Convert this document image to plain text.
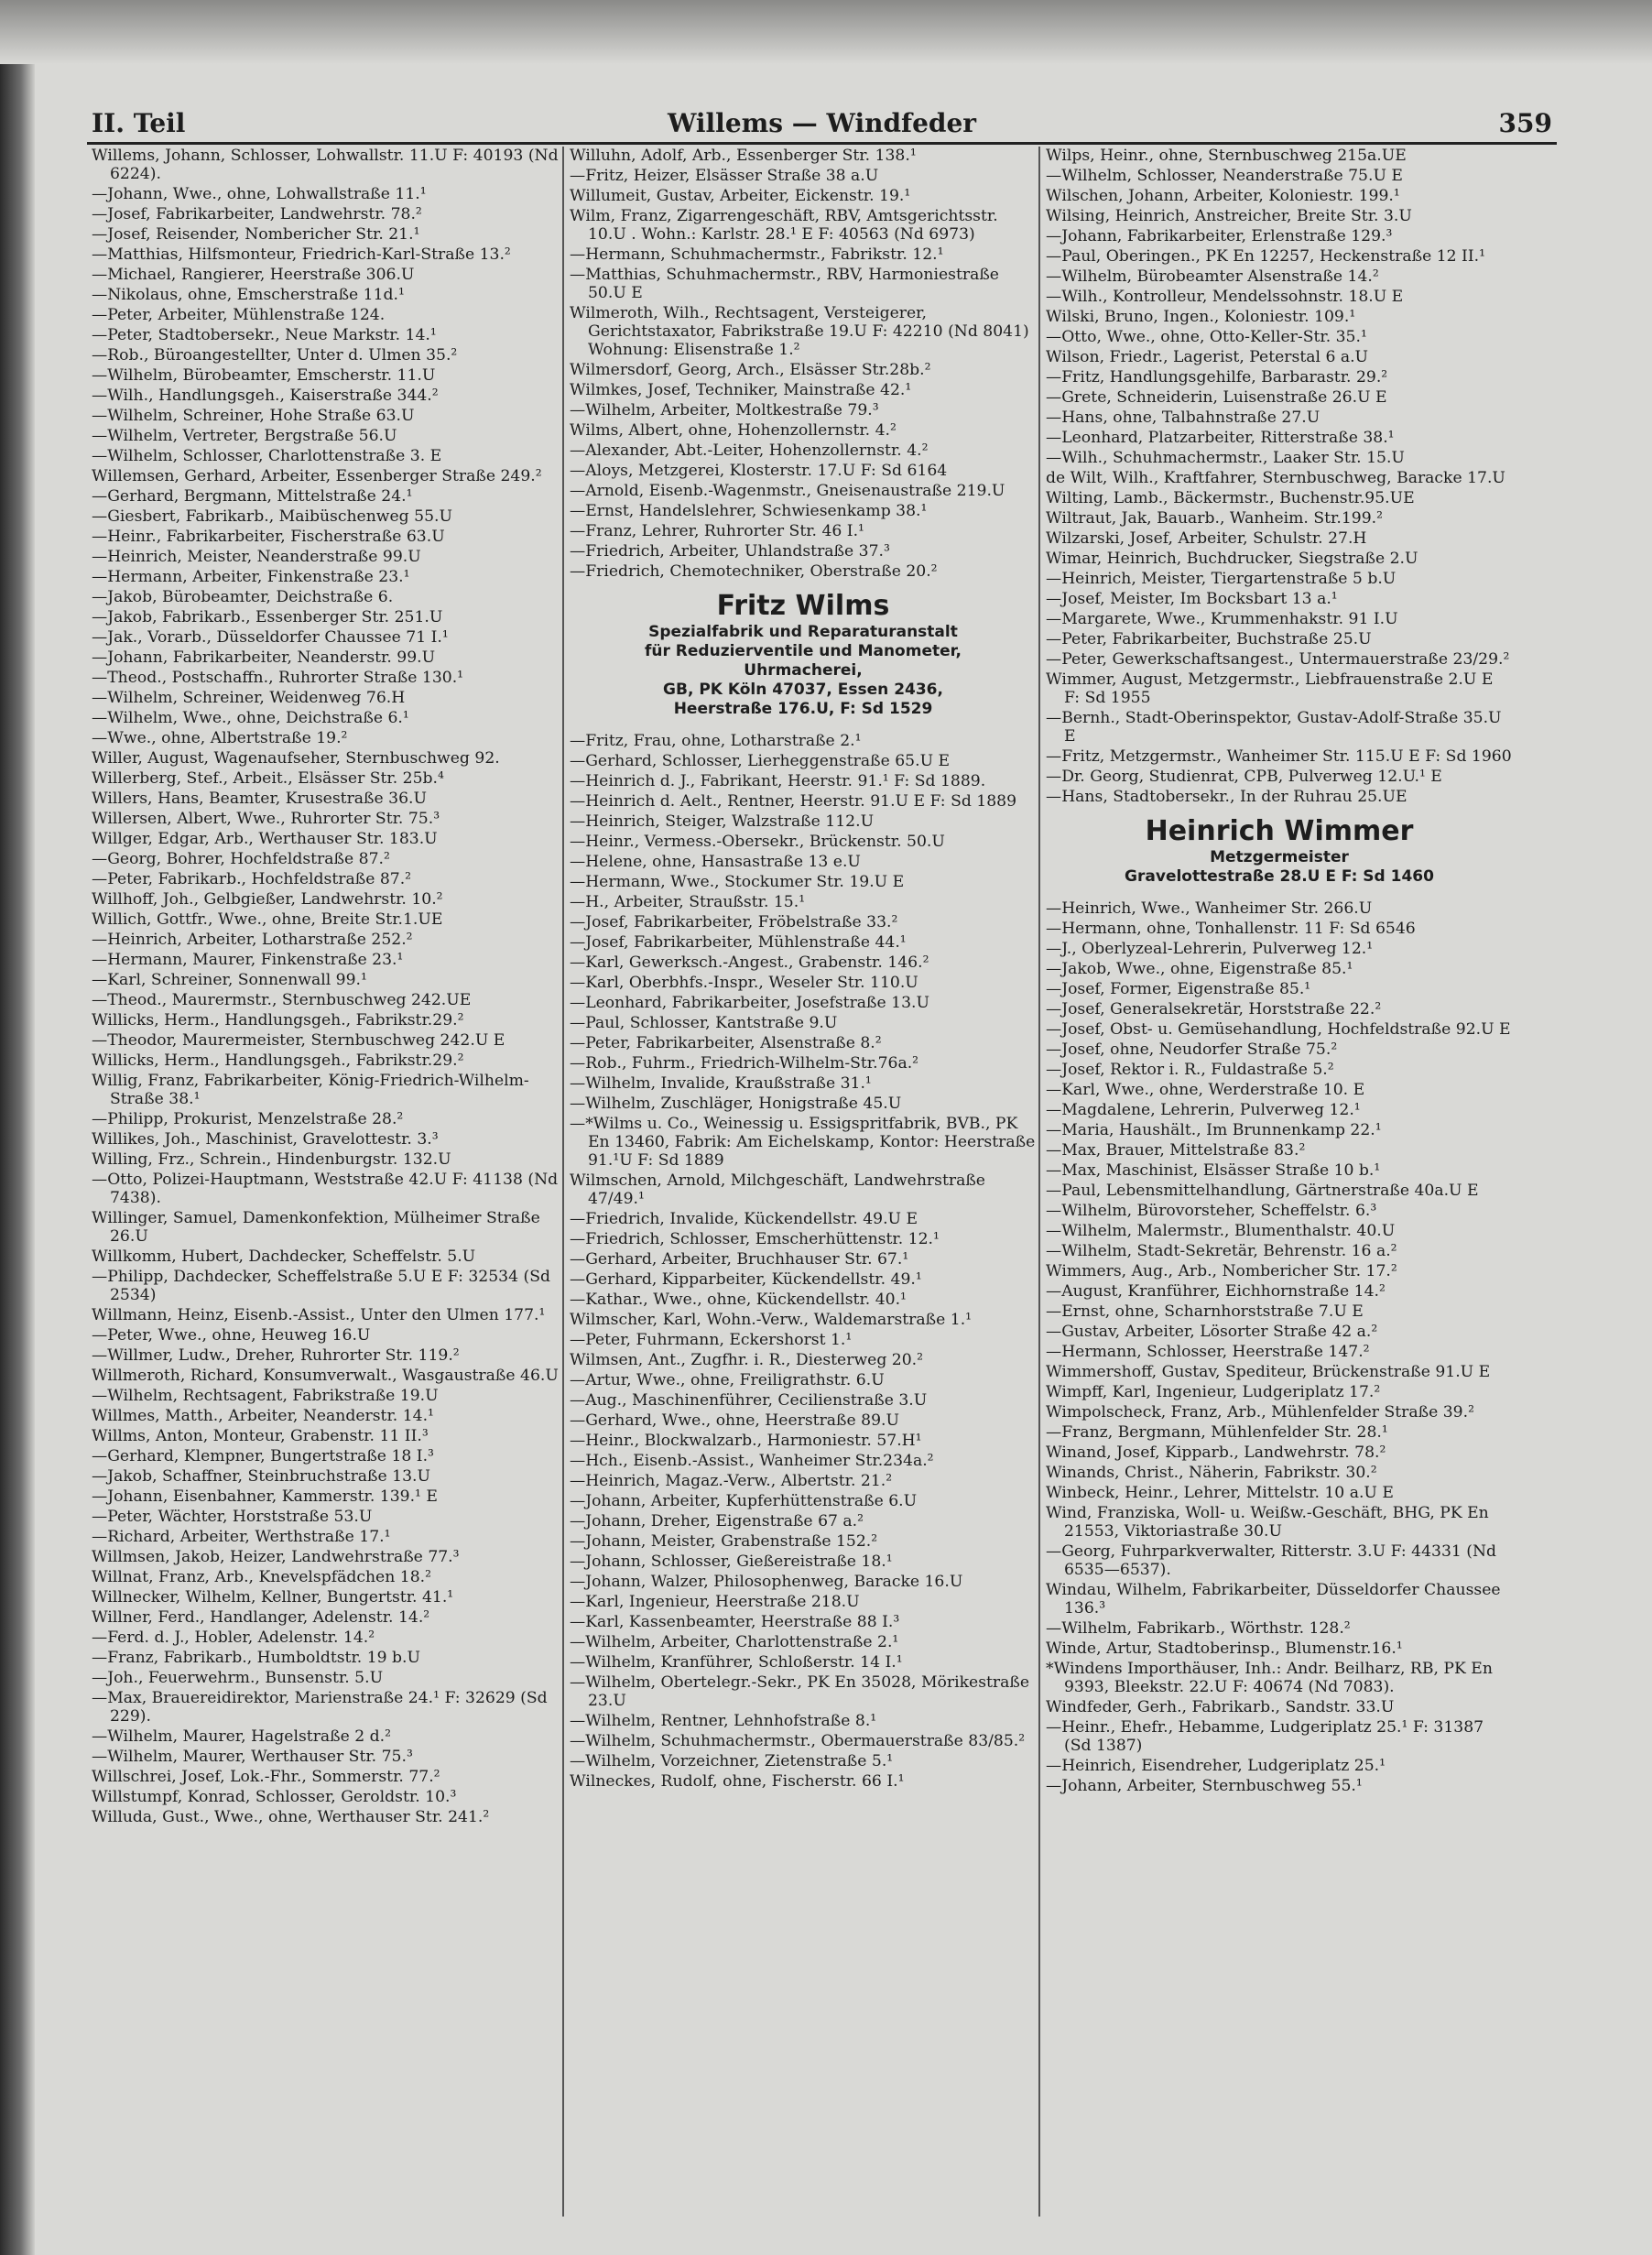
II. Teil	Willems — Windfeder	359
Willems, Johann, Schlosser, Lohwallstr. 11.U F: 40193 (Nd 6224).
—Johann, Wwe., ohne, Lohwallstraße 11.¹
—Josef, Fabrikarbeiter, Landwehrstr. 78.²
—Josef, Reisender, Nombericher Str. 21.¹
—Matthias, Hilfsmonteur, Friedrich-Karl-Straße 13.²
—Michael, Rangierer, Heerstraße 306.U
—Nikolaus, ohne, Emscherstraße 11d.¹
—Peter, Arbeiter, Mühlenstraße 124.
—Peter, Stadtobersekr., Neue Markstr. 14.¹
—Rob., Büroangestellter, Unter d. Ulmen 35.²
—Wilhelm, Bürobeamter, Emscherstr. 11.U
—Wilh., Handlungsgeh., Kaiserstraße 344.²
—Wilhelm, Schreiner, Hohe Straße 63.U
—Wilhelm, Vertreter, Bergstraße 56.U
—Wilhelm, Schlosser, Charlottenstraße 3. E
Willemsen, Gerhard, Arbeiter, Essenberger Straße 249.²
—Gerhard, Bergmann, Mittelstraße 24.¹
—Giesbert, Fabrikarb., Maibüschenweg 55.U
—Heinr., Fabrikarbeiter, Fischerstraße 63.U
—Heinrich, Meister, Neanderstraße 99.U
—Hermann, Arbeiter, Finkenstraße 23.¹
—Jakob, Bürobeamter, Deichstraße 6.
—Jakob, Fabrikarb., Essenberger Str. 251.U
—Jak., Vorarb., Düsseldorfer Chaussee 71 I.¹
—Johann, Fabrikarbeiter, Neanderstr. 99.U
—Theod., Postschaffn., Ruhrorter Straße 130.¹
—Wilhelm, Schreiner, Weidenweg 76.H
—Wilhelm, Wwe., ohne, Deichstraße 6.¹
—Wwe., ohne, Albertstraße 19.²
Willer, August, Wagenaufseher, Sternbuschweg 92.
Willerberg, Stef., Arbeit., Elsässer Str. 25b.⁴
Willers, Hans, Beamter, Krusestraße 36.U
Willersen, Albert, Wwe., Ruhrorter Str. 75.³
Willger, Edgar, Arb., Werthauser Str. 183.U
—Georg, Bohrer, Hochfeldstraße 87.²
—Peter, Fabrikarb., Hochfeldstraße 87.²
Willhoff, Joh., Gelbgießer, Landwehrstr. 10.²
Willich, Gottfr., Wwe., ohne, Breite Str.1.UE
—Heinrich, Arbeiter, Lotharstraße 252.²
—Hermann, Maurer, Finkenstraße 23.¹
—Karl, Schreiner, Sonnenwall 99.¹
—Theod., Maurermstr., Sternbuschweg 242.UE
Willicks, Herm., Handlungsgeh., Fabrikstr.29.²
—Theodor, Maurermeister, Sternbuschweg 242.U E
Willicks, Herm., Handlungsgeh., Fabrikstr.29.²
Willig, Franz, Fabrikarbeiter, König-Friedrich-Wilhelm-Straße 38.¹
—Philipp, Prokurist, Menzelstraße 28.²
Willikes, Joh., Maschinist, Gravelottestr. 3.³
Willing, Frz., Schrein., Hindenburgstr. 132.U
—Otto, Polizei-Hauptmann, Weststraße 42.U F: 41138 (Nd 7438).
Willinger, Samuel, Damenkonfektion, Mülheimer Straße 26.U
Willkomm, Hubert, Dachdecker, Scheffelstr. 5.U
—Philipp, Dachdecker, Scheffelstraße 5.U E F: 32534 (Sd 2534)
Willmann, Heinz, Eisenb.-Assist., Unter den Ulmen 177.¹
—Peter, Wwe., ohne, Heuweg 16.U
—Willmer, Ludw., Dreher, Ruhrorter Str. 119.²
Willmeroth, Richard, Konsumverwalt., Wasgaustraße 46.U
—Wilhelm, Rechtsagent, Fabrikstraße 19.U
Willmes, Matth., Arbeiter, Neanderstr. 14.¹
Willms, Anton, Monteur, Grabenstr. 11 II.³
—Gerhard, Klempner, Bungertstraße 18 I.³
—Jakob, Schaffner, Steinbruchstraße 13.U
—Johann, Eisenbahner, Kammerstr. 139.¹ E
—Peter, Wächter, Horststraße 53.U
—Richard, Arbeiter, Werthstraße 17.¹
Willmsen, Jakob, Heizer, Landwehrstraße 77.³
Willnat, Franz, Arb., Knevelspfädchen 18.²
Willnecker, Wilhelm, Kellner, Bungertstr. 41.¹
Willner, Ferd., Handlanger, Adelenstr. 14.²
—Ferd. d. J., Hobler, Adelenstr. 14.²
—Franz, Fabrikarb., Humboldtstr. 19 b.U
—Joh., Feuerwehrm., Bunsenstr. 5.U
—Max, Brauereidirektor, Marienstraße 24.¹ F: 32629 (Sd 229).
—Wilhelm, Maurer, Hagelstraße 2 d.²
—Wilhelm, Maurer, Werthauser Str. 75.³
Willschrei, Josef, Lok.-Fhr., Sommerstr. 77.²
Willstumpf, Konrad, Schlosser, Geroldstr. 10.³
Willuda, Gust., Wwe., ohne, Werthauser Str. 241.²
Willuhn, Adolf, Arb., Essenberger Str. 138.¹
—Fritz, Heizer, Elsässer Straße 38 a.U
Willumeit, Gustav, Arbeiter, Eickenstr. 19.¹
Wilm, Franz, Zigarrengeschäft, RBV, Amtsgerichtsstr. 10.U . Wohn.: Karlstr. 28.¹ E F: 40563 (Nd 6973)
—Hermann, Schuhmachermstr., Fabrikstr. 12.¹
—Matthias, Schuhmachermstr., RBV, Harmoniestraße 50.U E
Wilmeroth, Wilh., Rechtsagent, Versteigerer, Gerichtstaxator, Fabrikstraße 19.U F: 42210 (Nd 8041) Wohnung: Elisenstraße 1.²
Wilmersdorf, Georg, Arch., Elsässer Str.28b.²
Wilmkes, Josef, Techniker, Mainstraße 42.¹
—Wilhelm, Arbeiter, Moltkestraße 79.³
Wilms, Albert, ohne, Hohenzollernstr. 4.²
—Alexander, Abt.-Leiter, Hohenzollernstr. 4.²
—Aloys, Metzgerei, Klosterstr. 17.U F: Sd 6164
—Arnold, Eisenb.-Wagenmstr., Gneisenaustraße 219.U
—Ernst, Handelslehrer, Schwiesenkamp 38.¹
—Franz, Lehrer, Ruhrorter Str. 46 I.¹
—Friedrich, Arbeiter, Uhlandstraße 37.³
—Friedrich, Chemotechniker, Oberstraße 20.²
Fritz Wilms
Spezialfabrik und Reparaturanstalt
für Reduzierventile und Manometer,
Uhrmacherei,
GB, PK Köln 47037, Essen 2436,
Heerstraße 176.U, F: Sd 1529
—Fritz, Frau, ohne, Lotharstraße 2.¹
—Gerhard, Schlosser, Lierheggenstraße 65.U E
—Heinrich d. J., Fabrikant, Heerstr. 91.¹ F: Sd 1889.
—Heinrich d. Aelt., Rentner, Heerstr. 91.U E F: Sd 1889
—Heinrich, Steiger, Walzstraße 112.U
—Heinr., Vermess.-Obersekr., Brückenstr. 50.U
—Helene, ohne, Hansastraße 13 e.U
—Hermann, Wwe., Stockumer Str. 19.U E
—H., Arbeiter, Straußstr. 15.¹
—Josef, Fabrikarbeiter, Fröbelstraße 33.²
—Josef, Fabrikarbeiter, Mühlenstraße 44.¹
—Karl, Gewerksch.-Angest., Grabenstr. 146.²
—Karl, Oberbhfs.-Inspr., Weseler Str. 110.U
—Leonhard, Fabrikarbeiter, Josefstraße 13.U
—Paul, Schlosser, Kantstraße 9.U
—Peter, Fabrikarbeiter, Alsenstraße 8.²
—Rob., Fuhrm., Friedrich-Wilhelm-Str.76a.²
—Wilhelm, Invalide, Kraußstraße 31.¹
—Wilhelm, Zuschläger, Honigstraße 45.U
—*Wilms u. Co., Weinessig u. Essigspritfabrik, BVB., PK En 13460, Fabrik: Am Eichelskamp, Kontor: Heerstraße 91.¹U F: Sd 1889
Wilmschen, Arnold, Milchgeschäft, Landwehrstraße 47/49.¹
—Friedrich, Invalide, Kückendellstr. 49.U E
—Friedrich, Schlosser, Emscherhüttenstr. 12.¹
—Gerhard, Arbeiter, Bruchhauser Str. 67.¹
—Gerhard, Kipparbeiter, Kückendellstr. 49.¹
—Kathar., Wwe., ohne, Kückendellstr. 40.¹
Wilmscher, Karl, Wohn.-Verw., Waldemarstraße 1.¹
—Peter, Fuhrmann, Eckershorst 1.¹
Wilmsen, Ant., Zugfhr. i. R., Diesterweg 20.²
—Artur, Wwe., ohne, Freiligrathstr. 6.U
—Aug., Maschinenführer, Cecilienstraße 3.U
—Gerhard, Wwe., ohne, Heerstraße 89.U
—Heinr., Blockwalzarb., Harmoniestr. 57.H¹
—Hch., Eisenb.-Assist., Wanheimer Str.234a.²
—Heinrich, Magaz.-Verw., Albertstr. 21.²
—Johann, Arbeiter, Kupferhüttenstraße 6.U
—Johann, Dreher, Eigenstraße 67 a.²
—Johann, Meister, Grabenstraße 152.²
—Johann, Schlosser, Gießereistraße 18.¹
—Johann, Walzer, Philosophenweg, Baracke 16.U
—Karl, Ingenieur, Heerstraße 218.U
—Karl, Kassenbeamter, Heerstraße 88 I.³
—Wilhelm, Arbeiter, Charlottenstraße 2.¹
—Wilhelm, Kranführer, Schloßerstr. 14 I.¹
—Wilhelm, Obertelegr.-Sekr., PK En 35028, Mörikestraße 23.U
—Wilhelm, Rentner, Lehnhofstraße 8.¹
—Wilhelm, Schuhmachermstr., Obermauerstraße 83/85.²
—Wilhelm, Vorzeichner, Zietenstraße 5.¹
Wilneckes, Rudolf, ohne, Fischerstr. 66 I.¹
Wilps, Heinr., ohne, Sternbuschweg 215a.UE
—Wilhelm, Schlosser, Neanderstraße 75.U E
Wilschen, Johann, Arbeiter, Koloniestr. 199.¹
Wilsing, Heinrich, Anstreicher, Breite Str. 3.U
—Johann, Fabrikarbeiter, Erlenstraße 129.³
—Paul, Oberingen., PK En 12257, Heckenstraße 12 II.¹
—Wilhelm, Bürobeamter Alsenstraße 14.²
—Wilh., Kontrolleur, Mendelssohnstr. 18.U E
Wilski, Bruno, Ingen., Koloniestr. 109.¹
—Otto, Wwe., ohne, Otto-Keller-Str. 35.¹
Wilson, Friedr., Lagerist, Peterstal 6 a.U
—Fritz, Handlungsgehilfe, Barbarastr. 29.²
—Grete, Schneiderin, Luisenstraße 26.U E
—Hans, ohne, Talbahnstraße 27.U
—Leonhard, Platzarbeiter, Ritterstraße 38.¹
—Wilh., Schuhmachermstr., Laaker Str. 15.U
de Wilt, Wilh., Kraftfahrer, Sternbuschweg, Baracke 17.U
Wilting, Lamb., Bäckermstr., Buchenstr.95.UE
Wiltraut, Jak, Bauarb., Wanheim. Str.199.²
Wilzarski, Josef, Arbeiter, Schulstr. 27.H
Wimar, Heinrich, Buchdrucker, Siegstraße 2.U
—Heinrich, Meister, Tiergartenstraße 5 b.U
—Josef, Meister, Im Bocksbart 13 a.¹
—Margarete, Wwe., Krummenhakstr. 91 I.U
—Peter, Fabrikarbeiter, Buchstraße 25.U
—Peter, Gewerkschaftsangest., Untermauerstraße 23/29.²
Wimmer, August, Metzgermstr., Liebfrauenstraße 2.U E F: Sd 1955
—Bernh., Stadt-Oberinspektor, Gustav-Adolf-Straße 35.U E
—Fritz, Metzgermstr., Wanheimer Str. 115.U E F: Sd 1960
—Dr. Georg, Studienrat, CPB, Pulverweg 12.U.¹ E
—Hans, Stadtobersekr., In der Ruhrau 25.UE
Heinrich Wimmer
Metzgermeister
Gravelottestraße 28.U E F: Sd 1460
—Heinrich, Wwe., Wanheimer Str. 266.U
—Hermann, ohne, Tonhallenstr. 11 F: Sd 6546
—J., Oberlyzeal-Lehrerin, Pulverweg 12.¹
—Jakob, Wwe., ohne, Eigenstraße 85.¹
—Josef, Former, Eigenstraße 85.¹
—Josef, Generalsekretär, Horststraße 22.²
—Josef, Obst- u. Gemüsehandlung, Hochfeldstraße 92.U E
—Josef, ohne, Neudorfer Straße 75.²
—Josef, Rektor i. R., Fuldastraße 5.²
—Karl, Wwe., ohne, Werderstraße 10. E
—Magdalene, Lehrerin, Pulverweg 12.¹
—Maria, Haushält., Im Brunnenkamp 22.¹
—Max, Brauer, Mittelstraße 83.²
—Max, Maschinist, Elsässer Straße 10 b.¹
—Paul, Lebensmittelhandlung, Gärtnerstraße 40a.U E
—Wilhelm, Bürovorsteher, Scheffelstr. 6.³
—Wilhelm, Malermstr., Blumenthalstr. 40.U
—Wilhelm, Stadt-Sekretär, Behrenstr. 16 a.²
Wimmers, Aug., Arb., Nombericher Str. 17.²
—August, Kranführer, Eichhornstraße 14.²
—Ernst, ohne, Scharnhorststraße 7.U E
—Gustav, Arbeiter, Lösorter Straße 42 a.²
—Hermann, Schlosser, Heerstraße 147.²
Wimmershoff, Gustav, Spediteur, Brückenstraße 91.U E
Wimpff, Karl, Ingenieur, Ludgeriplatz 17.²
Wimpolscheck, Franz, Arb., Mühlenfelder Straße 39.²
—Franz, Bergmann, Mühlenfelder Str. 28.¹
Winand, Josef, Kipparb., Landwehrstr. 78.²
Winands, Christ., Näherin, Fabrikstr. 30.²
Winbeck, Heinr., Lehrer, Mittelstr. 10 a.U E
Wind, Franziska, Woll- u. Weißw.-Geschäft, BHG, PK En 21553, Viktoriastraße 30.U
—Georg, Fuhrparkverwalter, Ritterstr. 3.U F: 44331 (Nd 6535—6537).
Windau, Wilhelm, Fabrikarbeiter, Düsseldorfer Chaussee 136.³
—Wilhelm, Fabrikarb., Wörthstr. 128.²
Winde, Artur, Stadtoberinsp., Blumenstr.16.¹
*Windens Importhäuser, Inh.: Andr. Beilharz, RB, PK En 9393, Bleekstr. 22.U F: 40674 (Nd 7083).
Windfeder, Gerh., Fabrikarb., Sandstr. 33.U
—Heinr., Ehefr., Hebamme, Ludgeriplatz 25.¹ F: 31387 (Sd 1387)
—Heinrich, Eisendreher, Ludgeriplatz 25.¹
—Johann, Arbeiter, Sternbuschweg 55.¹
